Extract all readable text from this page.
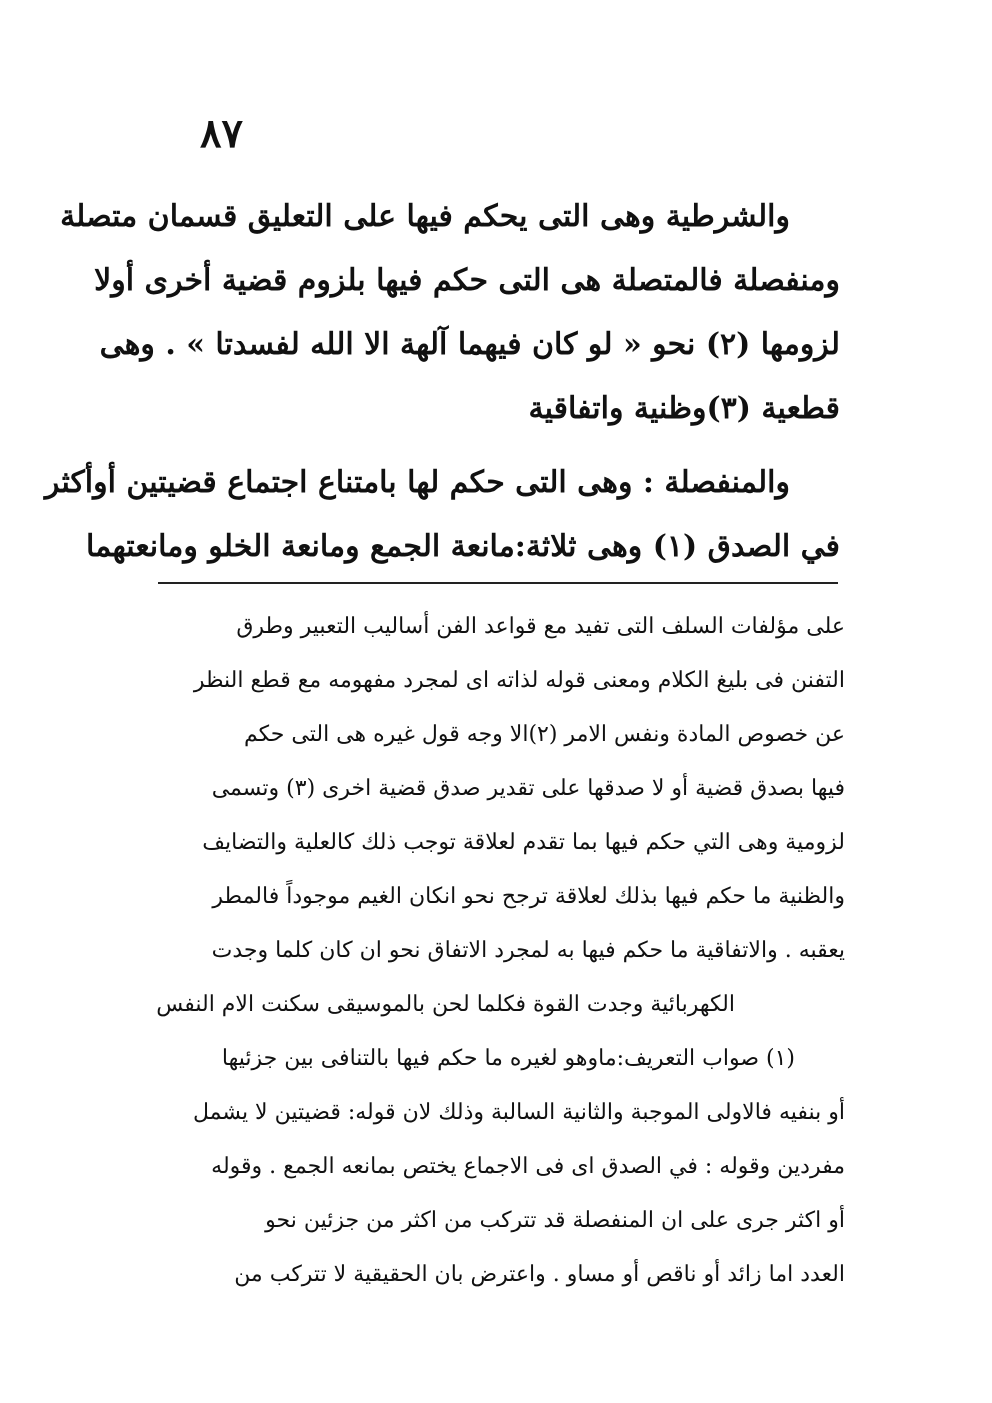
٨٧
والشرطية وهى التى يحكم فيها على التعليق قسمان متصلة
ومنفصلة فالمتصلة هى التى حكم فيها بلزوم قضية أخرى أولا
لزومها (٢) نحو « لو كان فيهما آلهة الا الله لفسدتا » . وهى
قطعية (٣)وظنية واتفاقية
والمنفصلة : وهى التى حكم لها بامتناع اجتماع قضيتين أوأكثر
في الصدق (١) وهى ثلاثة:مانعة الجمع ومانعة الخلو ومانعتهما
على مؤلفات السلف التى تفيد مع قواعد الفن أساليب التعبير وطرق
التفنن فى بليغ الكلام ومعنى قوله لذاته اى لمجرد مفهومه مع قطع النظر
عن خصوص المادة ونفس الامر (٢)الا وجه قول غيره هى التى حكم
فيها بصدق قضية أو لا صدقها على تقدير صدق قضية اخرى (٣) وتسمى
لزومية وهى التي حكم فيها بما تقدم لعلاقة توجب ذلك كالعلية والتضايف
والظنية ما حكم فيها بذلك لعلاقة ترجح نحو انكان الغيم موجوداً فالمطر
يعقبه . والاتفاقية ما حكم فيها به لمجرد الاتفاق نحو ان كان كلما وجدت
الكهربائية وجدت القوة فكلما لحن بالموسيقى سكنت الام النفس
(١) صواب التعريف:ماوهو لغيره ما حكم فيها بالتنافى بين جزئيها
أو بنفيه فالاولى الموجبة والثانية السالبة وذلك لان قوله: قضيتين لا يشمل
مفردين وقوله : في الصدق اى فى الاجماع يختص بمانعه الجمع . وقوله
أو اكثر جرى على ان المنفصلة قد تتركب من اكثر من جزئين نحو
العدد اما زائد أو ناقص أو مساو . واعترض بان الحقيقية لا تتركب من
